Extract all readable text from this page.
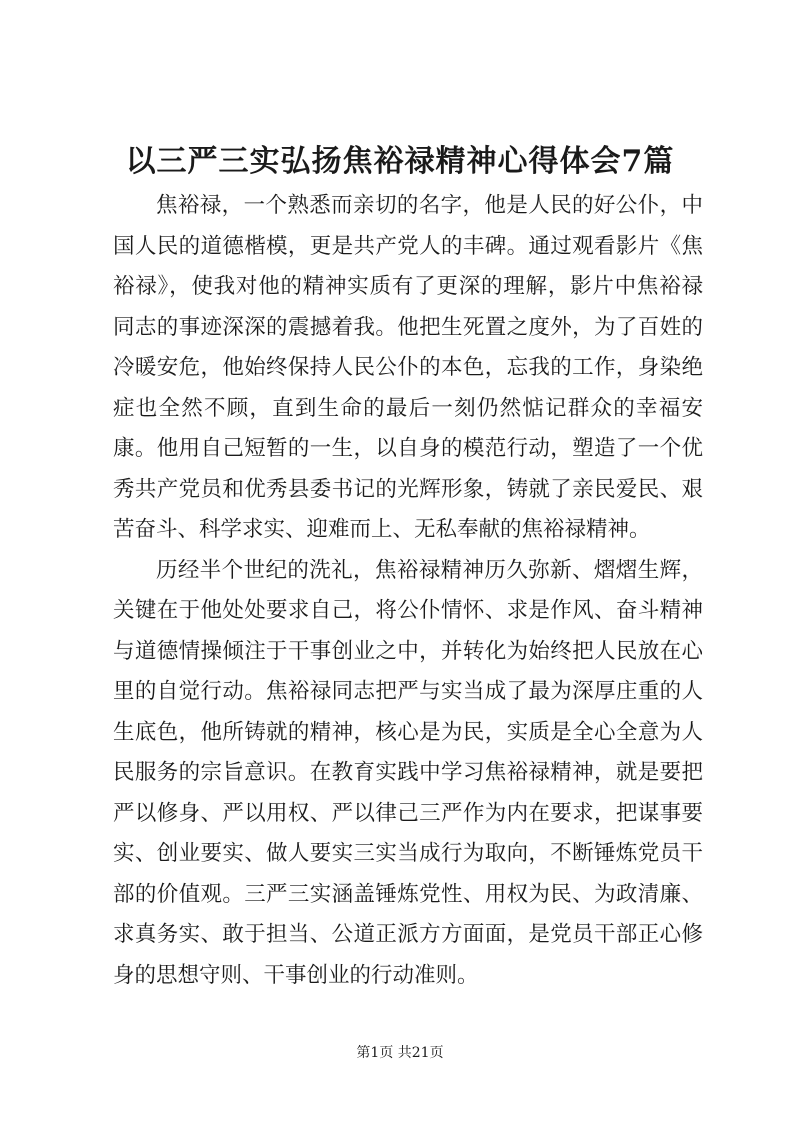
以三严三实弘扬焦裕禄精神心得体会7篇

焦裕禄，一个熟悉而亲切的名字，他是人民的好公仆，中国人民的道德楷模，更是共产党人的丰碑。通过观看影片《焦裕禄》，使我对他的精神实质有了更深的理解，影片中焦裕禄同志的事迹深深的震撼着我。他把生死置之度外，为了百姓的冷暖安危，他始终保持人民公仆的本色，忘我的工作，身染绝症也全然不顾，直到生命的最后一刻仍然惦记群众的幸福安康。他用自己短暂的一生，以自身的模范行动，塑造了一个优秀共产党员和优秀县委书记的光辉形象，铸就了亲民爱民、艰苦奋斗、科学求实、迎难而上、无私奉献的焦裕禄精神。

历经半个世纪的洗礼，焦裕禄精神历久弥新、熠熠生辉，关键在于他处处要求自己，将公仆情怀、求是作风、奋斗精神与道德情操倾注于干事创业之中，并转化为始终把人民放在心里的自觉行动。焦裕禄同志把严与实当成了最为深厚庄重的人生底色，他所铸就的精神，核心是为民，实质是全心全意为人民服务的宗旨意识。在教育实践中学习焦裕禄精神，就是要把严以修身、严以用权、严以律己三严作为内在要求，把谋事要实、创业要实、做人要实三实当成行为取向，不断锤炼党员干部的价值观。三严三实涵盖锤炼党性、用权为民、为政清廉、求真务实、敢于担当、公道正派方方面面，是党员干部正心修身的思想守则、干事创业的行动准则。

第1页 共21页
